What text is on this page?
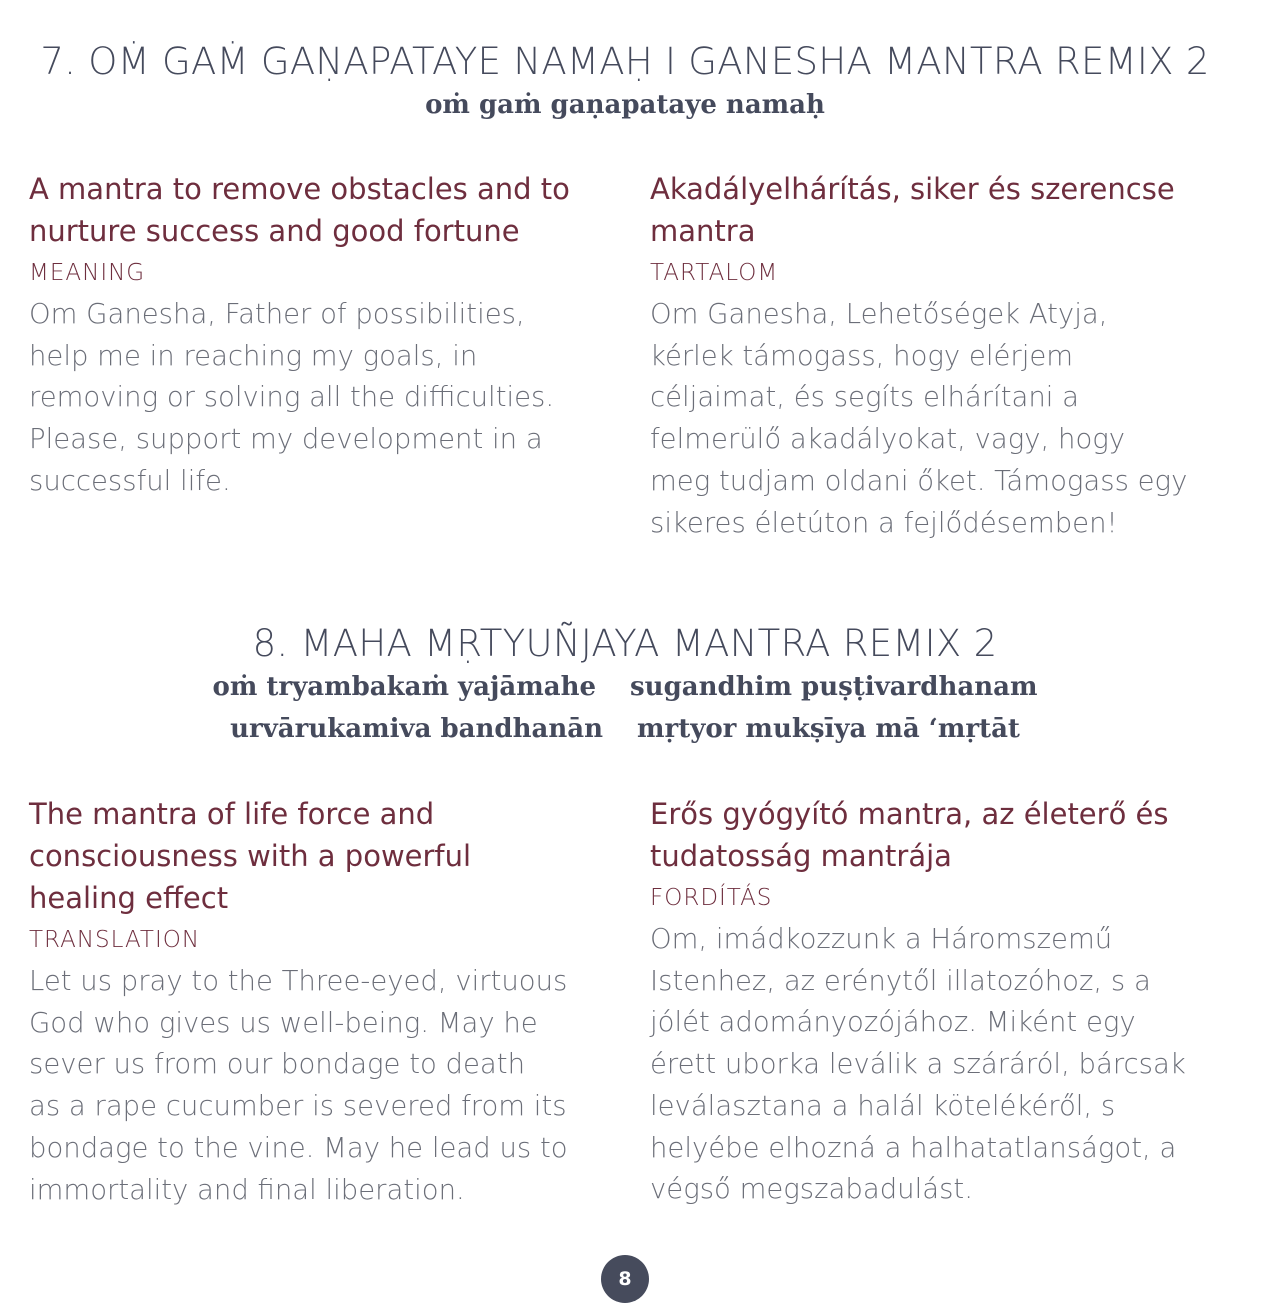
7. OṀ GAṀ GAṆAPATAYE NAMAḤ I GANESHA MANTRA REMIX 2
oṁ gaṁ gaṇapataye namaḥ

A mantra to remove obstacles and to
nurture success and good fortune

MEANING

Om Ganesha, Father of possibilities,
help me in reaching my goals, in
removing or solving all the difficulties.
Please, support my development in a
successful life.

Akadályelhárítás, siker és szerencse
mantra

TARTALOM

Om Ganesha, Lehetőségek Atyja,
kérlek támogass, hogy elérjem
céljaimat, és segíts elhárítani a
felmerülő akadályokat, vagy, hogy
meg tudjam oldani őket. Támogass egy
sikeres életúton a fejlődésemben!

8. MAHA MṚTYUÑJAYA MANTRA REMIX 2
oṁ tryambakaṁ yajāmahe sugandhim puṣṭivardhanam
urvārukamiva bandhanān mṛtyor mukṣīya mā ‘mṛtāt

The mantra of life force and
consciousness with a powerful
healing effect

TRANSLATION

Let us pray to the Three-eyed, virtuous
God who gives us well-being. May he
sever us from our bondage to death
as a rape cucumber is severed from its
bondage to the vine. May he lead us to
immortality and final liberation.

Erős gyógyító mantra, az életerő és
tudatosság mantrája

FORDÍTÁS

Om, imádkozzunk a Háromszemű
Istenhez, az erénytől illatozóhoz, s a
jólét adományozójához. Miként egy
érett uborka leválik a száráról, bárcsak
leválasztana a halál kötelékéről, s
helyébe elhozná a halhatatlanságot, a
végső megszabadulást.

8
